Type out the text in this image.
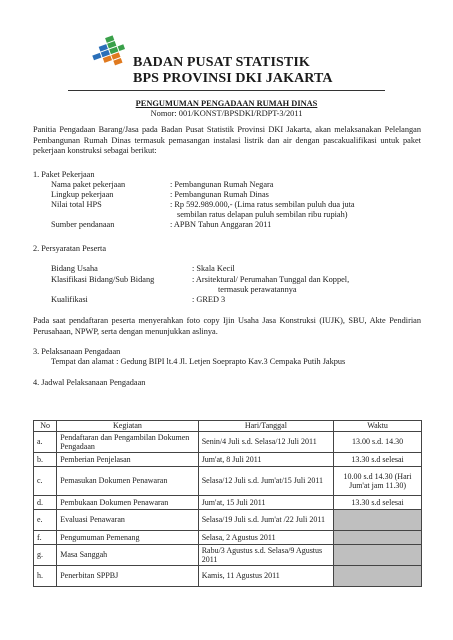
BADAN PUSAT STATISTIK
BPS PROVINSI DKI JAKARTA
PENGUMUMAN PENGADAAN RUMAH DINAS
Nomor: 001/KONST/BPSDKI/RDPT-3/2011
Panitia Pengadaan Barang/Jasa pada Badan Pusat Statistik Provinsi DKI Jakarta, akan melaksanakan Pelelangan Pembangunan Rumah Dinas termasuk pemasangan instalasi listrik dan air dengan pascakualifikasi untuk paket pekerjaan konstruksi sebagai berikut:
1. Paket Pekerjaan
Nama paket pekerjaan	: Pembangunan Rumah Negara
Lingkup pekerjaan	: Pembangunan Rumah Dinas
Nilai total HPS	: Rp 592.989.000,- (Lima ratus sembilan puluh dua juta
sembilan ratus delapan puluh sembilan ribu rupiah)
Sumber pendanaan	: APBN Tahun Anggaran 2011
2. Persyaratan Peserta
Bidang Usaha	: Skala Kecil
Klasifikasi Bidang/Sub Bidang	: Arsitektural/ Perumahan Tunggal dan Koppel,
termasuk perawatannya
Kualifikasi	: GRED 3
Pada saat pendaftaran peserta menyerahkan foto copy Ijin Usaha Jasa Konstruksi (IUJK), SBU, Akte Pendirian Perusahaan, NPWP, serta dengan menunjukkan aslinya.
3. Pelaksanaan Pengadaan
Tempat dan alamat : Gedung BIPI lt.4 Jl. Letjen Soeprapto Kav.3 Cempaka Putih Jakpus
4. Jadwal Pelaksanaan Pengadaan
No	Kegiatan	Hari/Tanggal	Waktu
a.	Pendaftaran dan Pengambilan Dokumen Pengadaan	Senin/4 Juli s.d. Selasa/12 Juli 2011	13.00 s.d. 14.30
b.	Pemberian Penjelasan	Jum'at, 8 Juli 2011	13.30 s.d selesai
c.	Pemasukan Dokumen Penawaran	Selasa/12 Juli s.d. Jum'at/15 Juli 2011	10.00 s.d 14.30 (Hari Jum'at jam 11.30)
d.	Pembukaan Dokumen Penawaran	Jum'at, 15 Juli 2011	13.30 s.d selesai
e.	Evaluasi Penawaran	Selasa/19 Juli s.d. Jum'at /22 Juli 2011	
f.	Pengumuman Pemenang	Selasa, 2 Agustus 2011	
g.	Masa Sanggah	Rabu/3 Agustus s.d. Selasa/9 Agustus 2011	
h.	Penerbitan SPPBJ	Kamis, 11 Agustus 2011	
